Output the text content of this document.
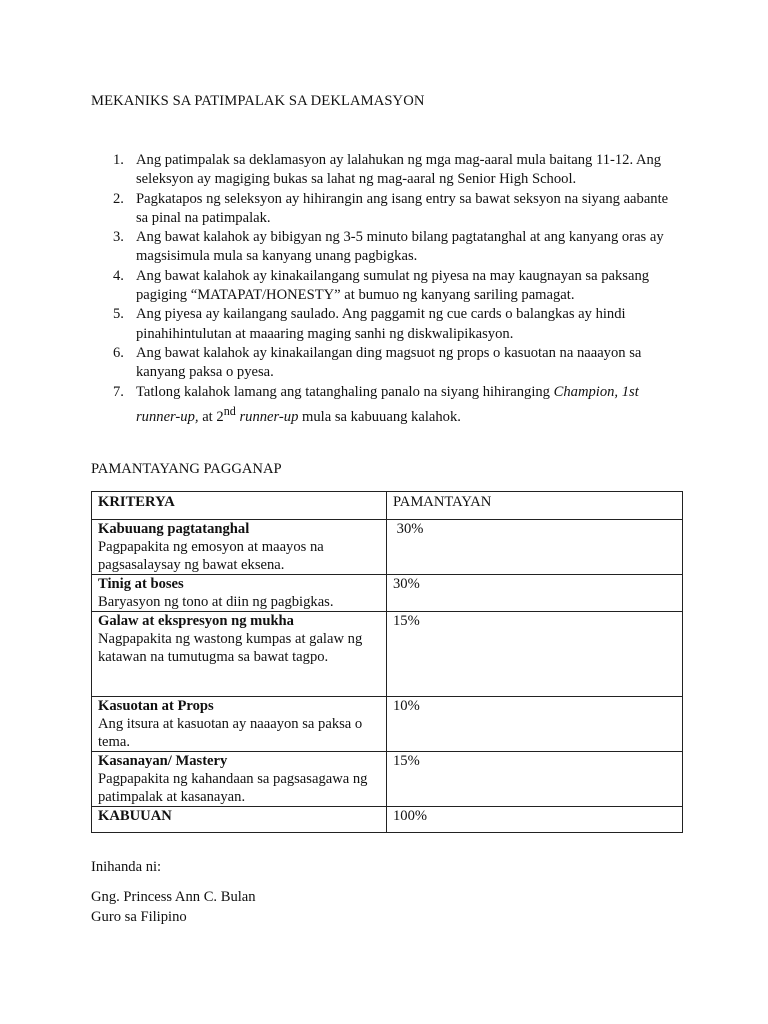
MEKANIKS SA PATIMPALAK SA DEKLAMASYON
1. Ang patimpalak sa deklamasyon ay lalahukan ng mga mag-aaral mula baitang 11-12. Ang seleksyon ay magiging bukas sa lahat ng mag-aaral ng Senior High School.
2. Pagkatapos ng seleksyon ay hihirangin ang isang entry sa bawat seksyon na siyang aabante sa pinal na patimpalak.
3. Ang bawat kalahok ay bibigyan ng 3-5 minuto bilang pagtatanghal at ang kanyang oras ay magsisimula mula sa kanyang unang pagbigkas.
4. Ang bawat kalahok ay kinakailangang sumulat ng piyesa na may kaugnayan sa paksang pagiging “MATAPAT/HONESTY” at bumuo ng kanyang sariling pamagat.
5. Ang piyesa ay kailangang saulado. Ang paggamit ng cue cards o balangkas ay hindi pinahihintulutan at maaaring maging sanhi ng diskwalipikasyon.
6. Ang bawat kalahok ay kinakailangan ding magsuot ng props o kasuotan na naaayon sa kanyang paksa o pyesa.
7. Tatlong kalahok lamang ang tatanghaling panalo na siyang hihiranging Champion, 1st runner-up, at 2nd runner-up mula sa kabuuang kalahok.
PAMANTAYANG PAGGANAP
KRITERYA	PAMANTAYAN

Kabuuang pagtatanghal
Pagpapakita ng emosyon at maayos na pagsasalaysay ng bawat eksena.	30%

Tinig at boses
Baryasyon ng tono at diin ng pagbigkas.	30%

Galaw at ekspresyon ng mukha
Nagpapakita ng wastong kumpas at galaw ng katawan na tumutugma sa bawat tagpo.	15%

Kasuotan at Props
Ang itsura at kasuotan ay naaayon sa paksa o tema.	10%

Kasanayan/ Mastery
Pagpapakita ng kahandaan sa pagsasagawa ng patimpalak at kasanayan.	15%

KABUUAN	100%

Inihanda ni:

Gng. Princess Ann C. Bulan
Guro sa Filipino
